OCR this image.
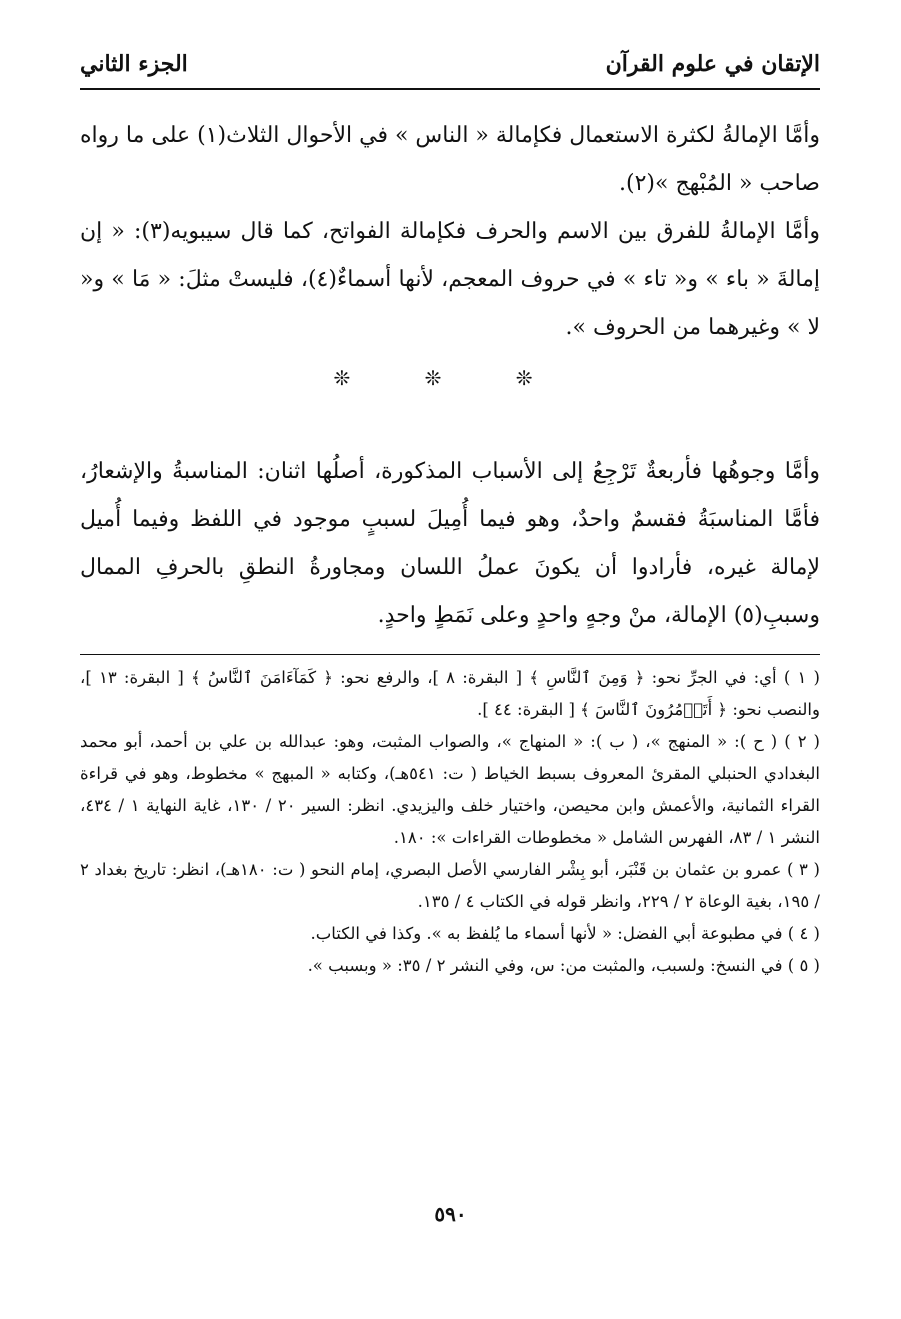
الإتقان في علوم القرآن
الجزء الثاني

وأمَّا الإمالةُ لكثرة الاستعمال فكإمالة « الناس » في الأحوال الثلاث(١) على ما رواه صاحب « المُبْهج »(٢).

وأمَّا الإمالةُ للفرق بين الاسم والحرف فكإمالة الفواتح، كما قال سيبويه(٣): « إن إمالةَ « باء » و« تاء » في حروف المعجم، لأنها أسماءٌ(٤)، فليستْ مثلَ: « مَا » و« لا » وغيرهما من الحروف ».

❊ ❊ ❊

وأمَّا وجوهُها فأربعةٌ تَرْجِعُ إلى الأسباب المذكورة، أصلُها اثنان: المناسبةُ والإشعارُ، فأمَّا المناسبَةُ فقسمٌ واحدٌ، وهو فيما أُمِيلَ لسببٍ موجود في اللفظ وفيما أُميل لإمالة غيره، فأرادوا أن يكونَ عملُ اللسان ومجاورةُ النطقِ بالحرفِ الممال وسببِ(٥) الإمالة، منْ وجهٍ واحدٍ وعلى نَمَطٍ واحدٍ.

( ١ ) أي: في الجرِّ نحو: ﴿ وَمِنَ ٱلنَّاسِ ﴾ [ البقرة: ٨ ]، والرفع نحو: ﴿ كَمَآءَامَنَ ٱلنَّاسُ ﴾ [ البقرة: ١٣ ]، والنصب نحو: ﴿ أَتَأۡمُرُونَ ٱلنَّاسَ ﴾ [ البقرة: ٤٤ ].

( ٢ ) ( ح ): « المنهج »، ( ب ): « المنهاج »، والصواب المثبت، وهو: عبدالله بن علي بن أحمد، أبو محمد البغدادي الحنبلي المقرئ المعروف بسبط الخياط ( ت: ٥٤١هـ)، وكتابه « المبهج » مخطوط، وهو في قراءة القراء الثمانية، والأعمش وابن محيصن، واختيار خلف واليزيدي. انظر: السير ٢٠ / ١٣٠، غاية النهاية ١ / ٤٣٤، النشر ١ / ٨٣، الفهرس الشامل « مخطوطات القراءات »: ١٨٠.

( ٣ ) عمرو بن عثمان بن قَنْبَر، أبو بِشْر الفارسي الأصل البصري، إمام النحو ( ت: ١٨٠هـ)، انظر: تاريخ بغداد ٢ / ١٩٥، بغية الوعاة ٢ / ٢٢٩، وانظر قوله في الكتاب ٤ / ١٣٥.

( ٤ ) في مطبوعة أبي الفضل: « لأنها أسماء ما يُلفظ به ». وكذا في الكتاب.

( ٥ ) في النسخ: ولسبب، والمثبت من: س، وفي النشر ٢ / ٣٥: « وبسبب ».

٥٩٠
